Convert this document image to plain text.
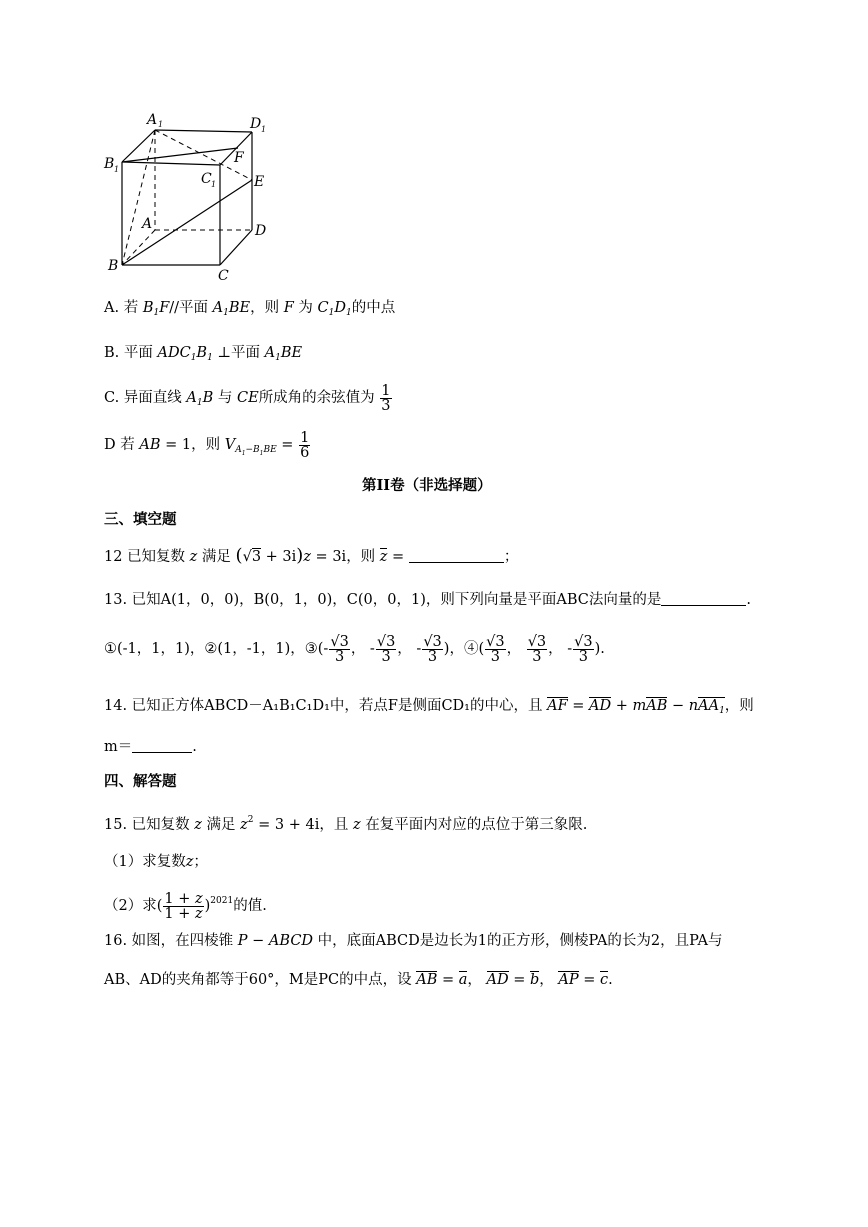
A 1	D 1
B 1
C 1
F
E
A	D
B
C
A. 若 $B_1F//$平面 $A_1BE$，则 F 为 $C_1D_1$的中点
B. 平面 $ADC_1B_1$ ⊥平面 $A_1BE$
C. 异面直线 $A_1B$ 与 CE所成角的余弦值为 $\frac{1}{3}$
D 若 AB = 1，则 $V_{A_1-B_1BE} = \frac{1}{6}$
第II卷（非选择题）
三、填空题
12 已知复数 z 满足 (√3 + 3i)z = 3i，则 z =	；
13. 已知A(1，0，0)，B(0，1，0)，C(0，0，1)，则下列向量是平面ABC法向量的是	.
①(-1，1，1)，②(1，-1，1)，③(- $\frac{√3}{3}$ ， - $\frac{√3}{3}$ ， - $\frac{√3}{3}$ )，④( $\frac{√3}{3}$ ， $\frac{√3}{3}$ ， - $\frac{√3}{3}$ ).
14. 已知正方体ABCD－A₁B₁C₁D₁中，若点F是侧面CD₁的中心，且 AF = AD + mAB − nAA$_1$，则
m＝	.
四、解答题
15. 已知复数 z 满足 $z^2 = 3 + 4i$，且 z 在复平面内对应的点位于第三象限.
（1）求复数z；
（2）求( $\frac{1 + z}{1 + z} )^{2021}$的值.
16. 如图，在四棱锥 P − ABCD 中，底面ABCD是边长为1的正方形，侧棱PA的长为2，且PA与
AB、AD的夹角都等于60°，M是PC的中点，设 AB = a， AD = b， AP = c.
